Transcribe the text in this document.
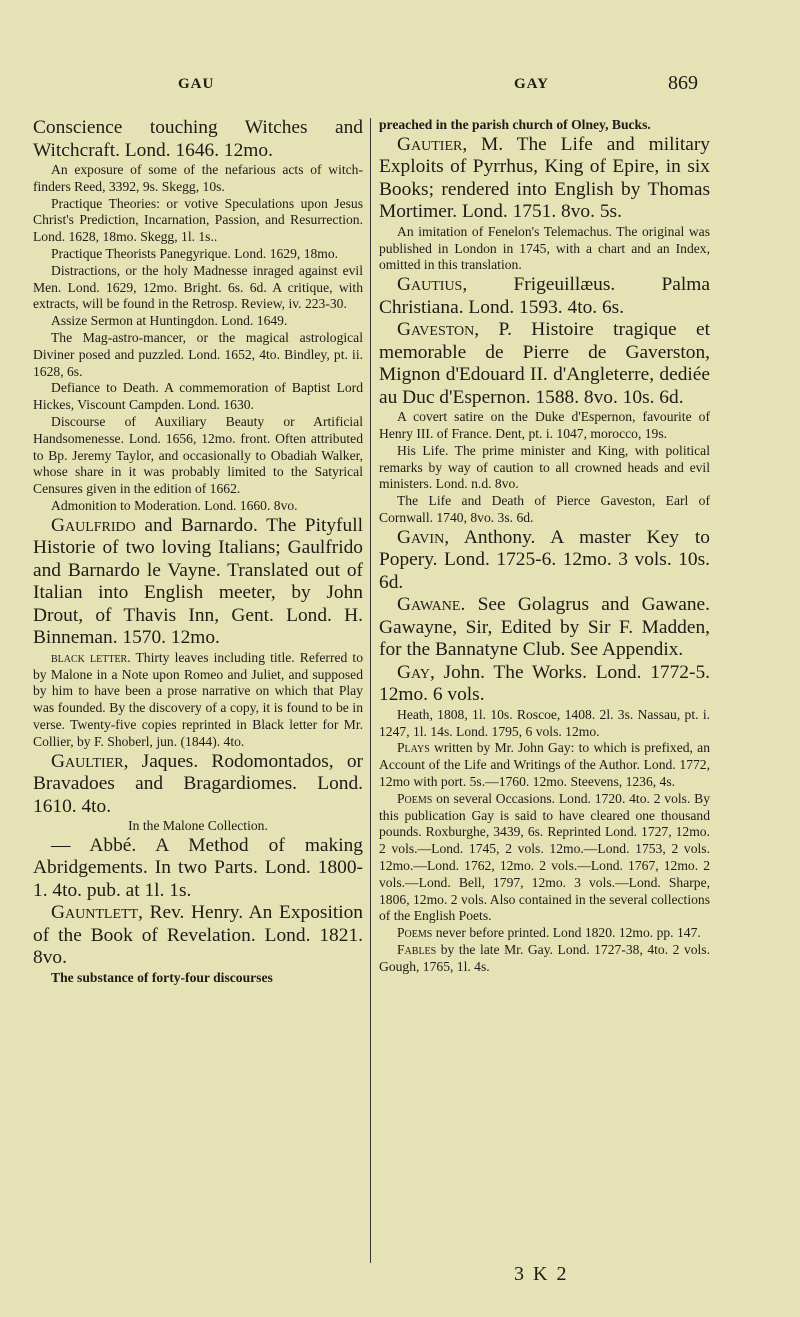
GAU	GAY	869

Conscience touching Witches and Witchcraft. Lond. 1646. 12mo.

An exposure of some of the nefarious acts of witch-finders Reed, 3392, 9s. Skegg, 10s.

Practique Theories: or votive Speculations upon Jesus Christ's Prediction, Incarnation, Passion, and Resurrection. Lond. 1628, 18mo. Skegg, 1l. 1s..

Practique Theorists Panegyrique. Lond. 1629, 18mo.

Distractions, or the holy Madnesse inraged against evil Men. Lond. 1629, 12mo. Bright. 6s. 6d. A critique, with extracts, will be found in the Retrosp. Review, iv. 223-30.

Assize Sermon at Huntingdon. Lond. 1649.

The Mag-astro-mancer, or the magical astrological Diviner posed and puzzled. Lond. 1652, 4to. Bindley, pt. ii. 1628, 6s.

Defiance to Death. A commemoration of Baptist Lord Hickes, Viscount Campden. Lond. 1630.

Discourse of Auxiliary Beauty or Artificial Handsomenesse. Lond. 1656, 12mo. front. Often attributed to Bp. Jeremy Taylor, and occasionally to Obadiah Walker, whose share in it was probably limited to the Satyrical Censures given in the edition of 1662.

Admonition to Moderation. Lond. 1660. 8vo.

Gaulfrido and Barnardo. The Pityfull Historie of two loving Italians; Gaulfrido and Barnardo le Vayne. Translated out of Italian into English meeter, by John Drout, of Thavis Inn, Gent. Lond. H. Binneman. 1570. 12mo.

black letter. Thirty leaves including title. Referred to by Malone in a Note upon Romeo and Juliet, and supposed by him to have been a prose narrative on which that Play was founded. By the discovery of a copy, it is found to be in verse. Twenty-five copies reprinted in Black letter for Mr. Collier, by F. Shoberl, jun. (1844). 4to.

Gaultier, Jaques. Rodomontados, or Bravadoes and Bragardiomes. Lond. 1610. 4to.

In the Malone Collection.

— Abbé. A Method of making Abridgements. In two Parts. Lond. 1800-1. 4to. pub. at 1l. 1s.

Gauntlett, Rev. Henry. An Exposition of the Book of Revelation. Lond. 1821. 8vo.

The substance of forty-four discourses

preached in the parish church of Olney, Bucks.

Gautier, M. The Life and military Exploits of Pyrrhus, King of Epire, in six Books; rendered into English by Thomas Mortimer. Lond. 1751. 8vo. 5s.

An imitation of Fenelon's Telemachus. The original was published in London in 1745, with a chart and an Index, omitted in this translation.

Gautius, Frigeuillæus. Palma Christiana. Lond. 1593. 4to. 6s.

Gaveston, P. Histoire tragique et memorable de Pierre de Gaverston, Mignon d'Edouard II. d'Angleterre, dediée au Duc d'Espernon. 1588. 8vo. 10s. 6d.

A covert satire on the Duke d'Espernon, favourite of Henry III. of France. Dent, pt. i. 1047, morocco, 19s.

His Life. The prime minister and King, with political remarks by way of caution to all crowned heads and evil ministers. Lond. n.d. 8vo.

The Life and Death of Pierce Gaveston, Earl of Cornwall. 1740, 8vo. 3s. 6d.

Gavin, Anthony. A master Key to Popery. Lond. 1725-6. 12mo. 3 vols. 10s. 6d.

Gawane. See Golagrus and Gawane. Gawayne, Sir, Edited by Sir F. Madden, for the Bannatyne Club. See Appendix.

Gay, John. The Works. Lond. 1772-5. 12mo. 6 vols.

Heath, 1808, 1l. 10s. Roscoe, 1408. 2l. 3s. Nassau, pt. i. 1247, 1l. 14s. Lond. 1795, 6 vols. 12mo.

Plays written by Mr. John Gay: to which is prefixed, an Account of the Life and Writings of the Author. Lond. 1772, 12mo with port. 5s.—1760. 12mo. Steevens, 1236, 4s.

Poems on several Occasions. Lond. 1720. 4to. 2 vols. By this publication Gay is said to have cleared one thousand pounds. Roxburghe, 3439, 6s. Reprinted Lond. 1727, 12mo. 2 vols.—Lond. 1745, 2 vols. 12mo.—Lond. 1753, 2 vols. 12mo.—Lond. 1762, 12mo. 2 vols.—Lond. 1767, 12mo. 2 vols.—Lond. Bell, 1797, 12mo. 3 vols.—Lond. Sharpe, 1806, 12mo. 2 vols. Also contained in the several collections of the English Poets.

Poems never before printed. Lond 1820. 12mo. pp. 147.

Fables by the late Mr. Gay. Lond. 1727-38, 4to. 2 vols. Gough, 1765, 1l. 4s.

3 K 2
